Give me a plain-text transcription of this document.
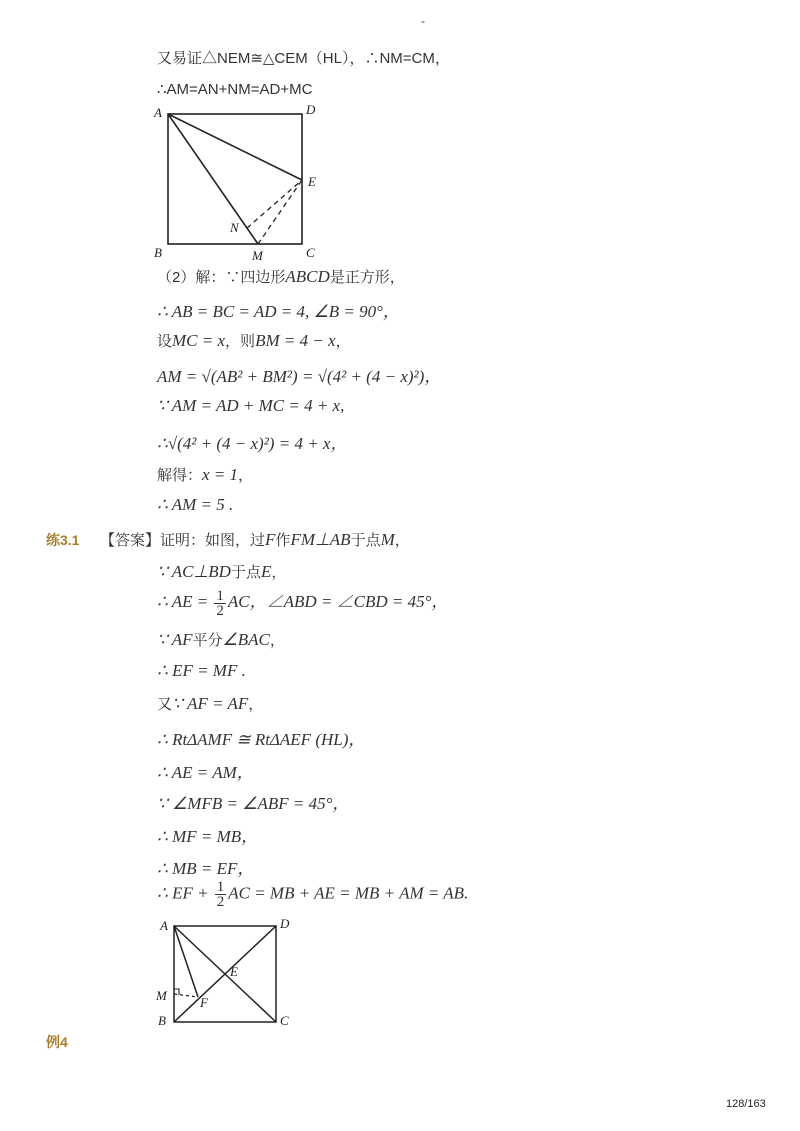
-
又易证△NEM≅△CEM（HL），∴NM=CM，
∴AM=AN+NM=AD+MC
A	D
E
N
B	M	C
（2）解：∵四边形ABCD是正方形，
∴ AB = BC = AD = 4, ∠B = 90°，
设MC = x，则BM = 4 − x，
AM = √(AB² + BM²) = √(4² + (4 − x)²)，
∵ AM = AD + MC = 4 + x,
∴√(4² + (4 − x)²) = 4 + x，
解得：x = 1，
∴ AM = 5 .
练3.1 【答案】证明：如图，过F作FM⊥AB于点M，
∵ AC⊥BD于点E，
∴ AE = $\frac{1}{2}$ AC，∠ABD = ∠CBD = 45°，
∵ AF平分∠BAC，
∴ EF = MF .
又∵ AF = AF，
∴ RtΔAMF ≅ RtΔAEF (HL)，
∴ AE = AM，
∵ ∠MFB = ∠ABF = 45°，
∴ MF = MB，
∴ MB = EF，
∴ EF + $\frac{1}{2}$ AC = MB + AE = MB + AM = AB.
A	D
E
M	F
B	C
例4
128/163
